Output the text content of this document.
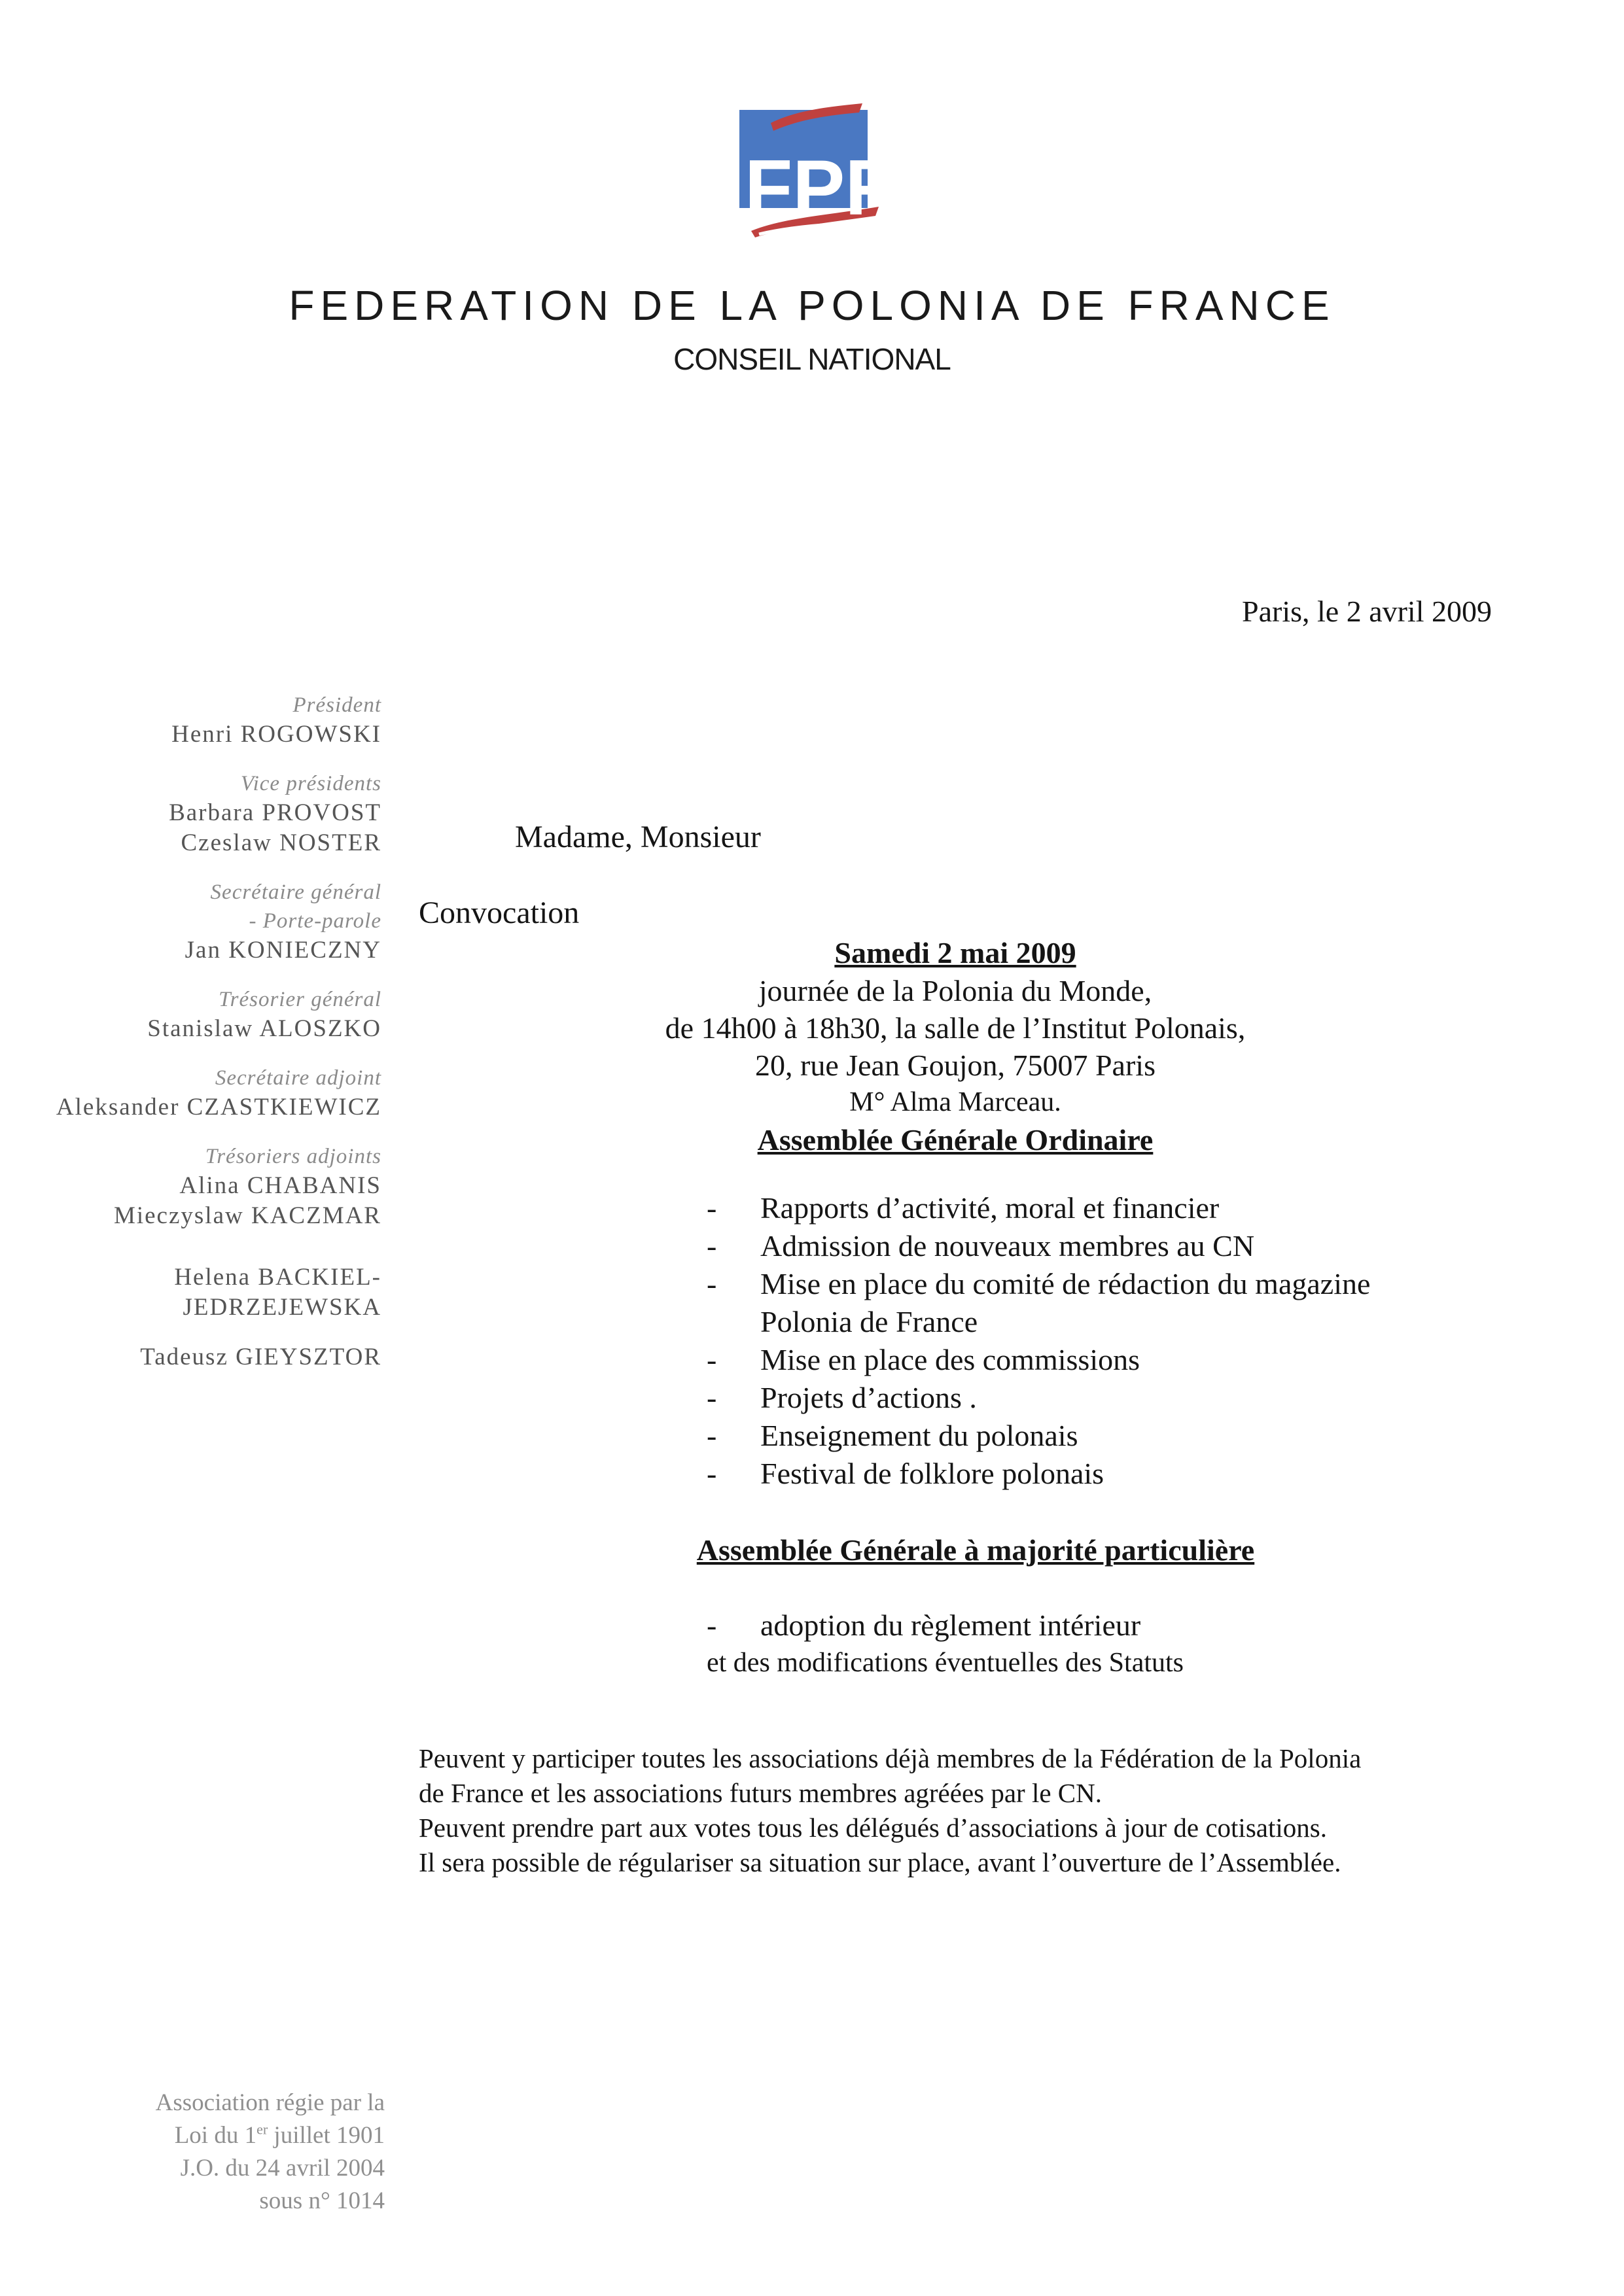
FPF
FEDERATION DE LA POLONIA DE FRANCE
CONSEIL NATIONAL
Paris, le 2 avril 2009
Président
Henri ROGOWSKI
Vice présidents
Barbara PROVOST
Czeslaw NOSTER
Secrétaire général
- Porte-parole
Jan KONIECZNY
Trésorier général
Stanislaw ALOSZKO
Secrétaire adjoint
Aleksander CZASTKIEWICZ
Trésoriers adjoints
Alina CHABANIS
Mieczyslaw KACZMAR
Helena BACKIEL-
JEDRZEJEWSKA
Tadeusz GIEYSZTOR
Madame, Monsieur
Convocation
Samedi 2 mai 2009
journée de la Polonia du Monde,
de 14h00 à 18h30, la salle de l’Institut Polonais,
20, rue Jean Goujon, 75007 Paris
M° Alma Marceau.
Assemblée Générale Ordinaire
- Rapports d’activité, moral et financier
- Admission de nouveaux membres au CN
- Mise en place du comité de rédaction du magazine
Polonia de France
- Mise en place des commissions
- Projets d’actions .
- Enseignement du polonais
- Festival de folklore polonais
Assemblée Générale à majorité particulière
- adoption du règlement intérieur
et des modifications éventuelles des Statuts
Peuvent y participer toutes les associations déjà membres de la Fédération de la Polonia
de France et les associations futurs membres agréées par le CN.
Peuvent prendre part aux votes tous les délégués d’associations à jour de cotisations.
Il sera possible de régulariser sa situation sur place, avant l’ouverture de l’Assemblée.
Association régie par la
Loi du 1er juillet 1901
J.O. du 24 avril 2004
sous n° 1014
